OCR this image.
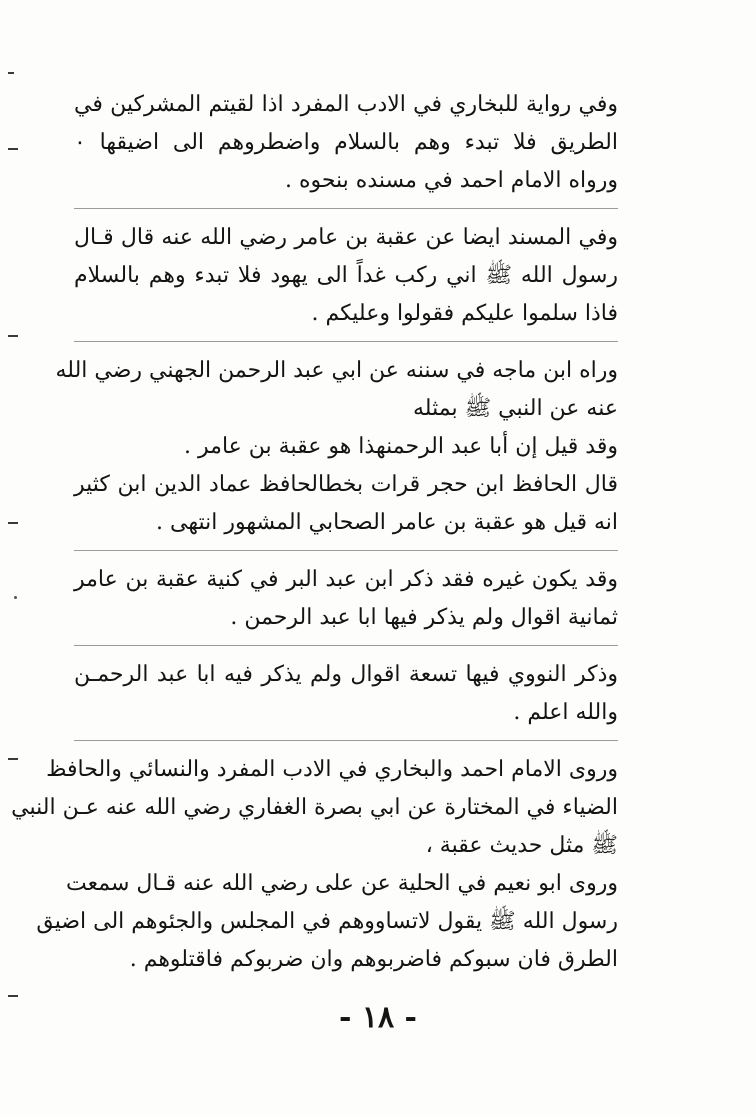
وفي رواية للبخاري في الادب المفرد اذا لقيتم المشركين في
الطريق فلا تبدء وهم بالسلام واضطروهم الى اضيقها ٠
ورواه الامام احمد في مسنده بنحوه .
وفي المسند ايضا عن عقبة بن عامر رضي الله عنه قال قـال
رسول الله ﷺ اني ركب غداً الى يهود فلا تبدء وهم بالسلام
فاذا سلموا عليكم فقولوا وعليكم .
وراه ابن ماجه في سننه عن ابي عبد الرحمن الجهني رضي الله
عنه عن النبي ﷺ بمثله
وقد قيل إن أبا عبد الرحمنهذا هو عقبة بن عامر .
قال الحافظ ابن حجر قرات بخطالحافظ عماد الدين ابن كثير
انه قيل هو عقبة بن عامر الصحابي المشهور انتهى .
وقد يكون غيره فقد ذكر ابن عبد البر في كنية عقبة بن عامر
ثمانية اقوال ولم يذكر فيها ابا عبد الرحمن .
وذكر النووي فيها تسعة اقوال ولم يذكر فيه ابا عبد الرحمـن
والله اعلم .
وروى الامام احمد والبخاري في الادب المفرد والنسائي والحافظ
الضياء في المختارة عن ابي بصرة الغفاري رضي الله عنه عـن النبي
ﷺ مثل حديث عقبة ،
وروى ابو نعيم في الحلية عن على رضي الله عنه قـال سمعت
رسول الله ﷺ يقول لاتساووهم في المجلس والجئوهم الى اضيق
الطرق فان سبوكم فاضربوهم وان ضربوكم فاقتلوهم .
- ١٨ -
